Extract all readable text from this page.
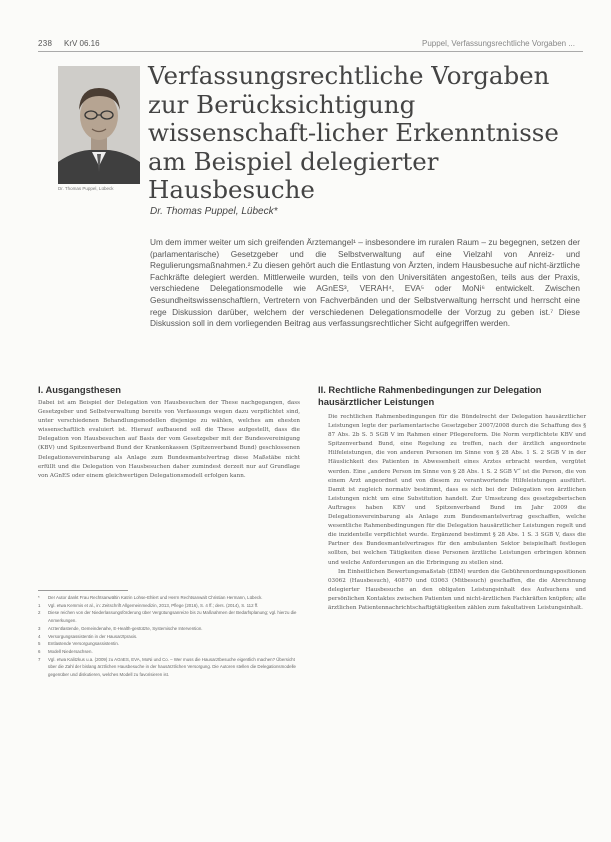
238 KrV 06.16	Puppel, Verfassungsrechtliche Vorgaben ...
Dr. Thomas Puppel, Lübeck
Verfassungsrechtliche Vorgaben zur Berücksichtigung wissenschaft-licher Erkenntnisse am Beispiel delegierter Hausbesuche
Dr. Thomas Puppel, Lübeck*

Um dem immer weiter um sich greifenden Ärztemangel¹ – insbesondere im ruralen Raum – zu begegnen, setzen der (parlamentarische) Gesetzgeber und die Selbstverwaltung auf eine Vielzahl von Anreiz- und Regulierungsmaßnahmen.² Zu diesen gehört auch die Entlastung von Ärzten, indem Hausbesuche auf nicht-ärztliche Fachkräfte delegiert werden. Mittlerweile wurden, teils von den Universitäten angestoßen, teils aus der Praxis, verschiedene Delegationsmodelle wie AGnES³, VERAH⁴, EVA⁵ oder MoNi⁶ entwickelt. Zwischen Gesundheitswissenschaftlern, Vertretern von Fachverbänden und der Selbstverwaltung herrscht und herrscht eine rege Diskussion darüber, welchem der verschiedenen Delegationsmodelle der Vorzug zu geben ist.⁷ Diese Diskussion soll in dem vorliegenden Beitrag aus verfassungsrechtlicher Sicht aufgegriffen werden.

I. Ausgangsthesen

Dabei ist am Beispiel der Delegation von Hausbesuchen der These nachgegangen, dass Gesetzgeber und Selbstverwaltung bereits von Verfassungs wegen dazu verpflichtet sind, unter verschiedenen Behandlungsmodellen diejenige zu wählen, welches am ehesten wissenschaftlich evaluiert ist. Hierauf aufbauend soll die These aufgestellt, dass die Delegation von Hausbesuchen auf Basis der vom Gesetzgeber mit der Bundesvereinigung (KBV) und Spitzenverband Bund der Krankenkassen (Spitzenverband Bund) geschlossenen Delegationsvereinbarung als Anlage zum Bundesmantelvertrag diese Maßstäbe nicht erfüllt und die Delegation von Hausbesuchen daher zumindest derzeit nur auf Grundlage von AGnES oder einem gleichwertigen Delegationsmodell erfolgen kann.

II. Rechtliche Rahmenbedingungen zur Delegation hausärztlicher Leistungen

Die rechtlichen Rahmenbedingungen für die Bündelrecht der Delegation hausärztlicher Leistungen legte der parlamentarische Gesetzgeber 2007/2008 durch die Schaffung des § 87 Abs. 2b S. 5 SGB V im Rahmen einer Pflegereform. Die Norm verpflichtete KBV und Spitzenverband Bund, eine Regelung zu treffen, nach der ärztlich angeordnete Hilfeleistungen, die von anderen Personen im Sinne von § 28 Abs. 1 S. 2 SGB V in der Häuslichkeit des Patienten in Abwesenheit eines Arztes erbracht werden, vergütet werden. Eine „andere Person im Sinne von § 28 Abs. 1 S. 2 SGB V“ ist die Person, die von einem Arzt angeordnet und von diesem zu verantwortende Hilfeleistungen ausführt. Damit ist zugleich normativ bestimmt, dass es sich bei der Delegation von ärztlichen Leistungen nicht um eine Substitution handelt. Zur Umsetzung des gesetzgeberischen Auftrages haben KBV und Spitzenverband Bund im Jahr 2009 die Delegationsvereinbarung als Anlage zum Bundesmantelvertrag geschaffen, welche wesentliche Rahmenbedingungen für die Delegation hausärztlicher Leistungen regelt und die inzidentelle verpflichtet wurde. Ergänzend bestimmt § 28 Abs. 1 S. 3 SGB V, dass die Partner des Bundesmantelvertrages für den ambulanten Sektor beispielhaft festlegen sollten, bei welchen Tätigkeiten diese Personen ärztliche Leistungen erbringen können und welche Anforderungen an die Erbringung zu stellen sind.

Im Einheitlichen Bewertungsmaßstab (EBM) wurden die Gebührenordnungspositionen 03062 (Hausbesuch), 40870 und 03063 (Mitbesuch) geschaffen, die die Abrechnung delegierter Hausbesuche an den obligaten Leistungsinhalt des Aufsuchens und persönlichen Kontaktes zwischen Patienten und nicht-ärztlichen Fachkräften knüpfen; alle ärztlichen Patientennachrichtschaftigtätigkeiten zählen zum fakultativen Leistungsinhalt.

* Der Autor dankt Frau Rechtsanwältin Katrin Lohse-Ehlert und Herrn Rechtsanwalt Christian Hermann, Lübeck.
1 Vgl. etwa Kemmis et al., in: Zeitschrift Allgemeinmedizin, 2013, Pflege (2016), S. 4 ff.; ders. (2014), S. 112 ff.
2 Diese reichen von der Niederlassungsförderung über Vergütungsanreize bis zu Maßnahmen der Bedarfsplanung; vgl. hierzu die Anmerkungen.
3 Arztentlastende, Gemeindenahe, E-Health-gestützte, Systemische Intervention.
4 Versorgungsassistentin in der Hausarztpraxis.
5 Entlastende Versorgungsassistentin.
6 Modell Niedersachsen.
7 Vgl. etwa Kalitzkus u.a. (2009) zu AGnES, EVA, MoNi und Co. – Wer muss die Hausarztbesuche eigentlich machen? Übersicht über die Zahl der bislang ärztlichen Hausbesuche in der hausärztlichen Versorgung. Die Autoren stellen die Delegationsmodelle gegenüber und diskutieren, welches Modell zu favorisieren ist.
